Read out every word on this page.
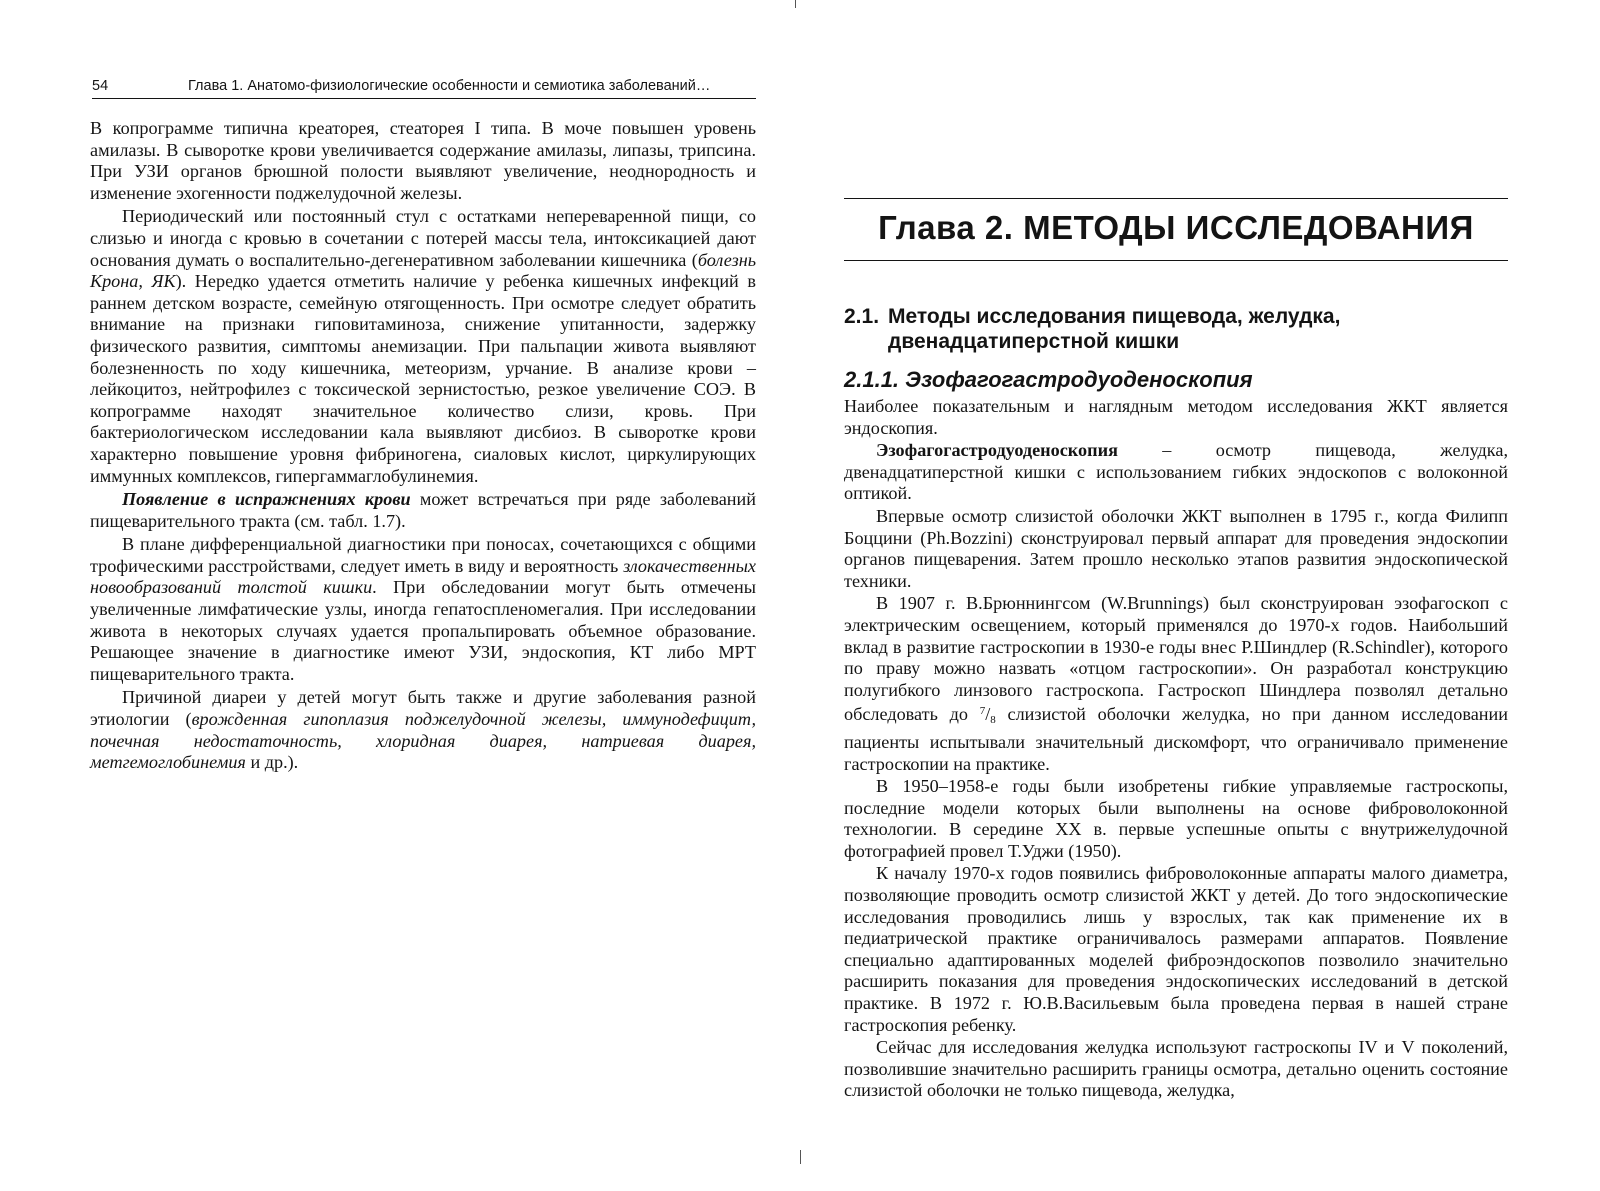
54	Глава 1. Анатомо-физиологические особенности и семиотика заболеваний…

В копрограмме типична креаторея, стеаторея I типа. В моче повышен уровень амилазы. В сыворотке крови увеличивается содержание амилазы, липазы, трипсина. При УЗИ органов брюшной полости выявляют увеличение, неоднородность и изменение эхогенности поджелудочной железы.

Периодический или постоянный стул с остатками непереваренной пищи, со слизью и иногда с кровью в сочетании с потерей массы тела, интоксикацией дают основания думать о воспалительно-дегенеративном заболевании кишечника (болезнь Крона, ЯК). Нередко удается отметить наличие у ребенка кишечных инфекций в раннем детском возрасте, семейную отягощенность. При осмотре следует обратить внимание на признаки гиповитаминоза, снижение упитанности, задержку физического развития, симптомы анемизации. При пальпации живота выявляют болезненность по ходу кишечника, метеоризм, урчание. В анализе крови – лейкоцитоз, нейтрофилез с токсической зернистостью, резкое увеличение СОЭ. В копрограмме находят значительное количество слизи, кровь. При бактериологическом исследовании кала выявляют дисбиоз. В сыворотке крови характерно повышение уровня фибриногена, сиаловых кислот, циркулирующих иммунных комплексов, гипергаммаглобулинемия.

Появление в испражнениях крови может встречаться при ряде заболеваний пищеварительного тракта (см. табл. 1.7).

В плане дифференциальной диагностики при поносах, сочетающихся с общими трофическими расстройствами, следует иметь в виду и вероятность злокачественных новообразований толстой кишки. При обследовании могут быть отмечены увеличенные лимфатические узлы, иногда гепатоспленомегалия. При исследовании живота в некоторых случаях удается пропальпировать объемное образование. Решающее значение в диагностике имеют УЗИ, эндоскопия, КТ либо МРТ пищеварительного тракта.

Причиной диареи у детей могут быть также и другие заболевания разной этиологии (врожденная гипоплазия поджелудочной железы, иммунодефицит, почечная недостаточность, хлоридная диарея, натриевая диарея, метгемоглобинемия и др.).

Глава 2. МЕТОДЫ ИССЛЕДОВАНИЯ
2.1. Методы исследования пищевода, желудка,
двенадцатиперстной кишки
2.1.1. Эзофагогастродуоденоскопия

Наиболее показательным и наглядным методом исследования ЖКТ является эндоскопия.

Эзофагогастродуоденоскопия – осмотр пищевода, желудка, двенадцатиперстной кишки с использованием гибких эндоскопов с волоконной оптикой.

Впервые осмотр слизистой оболочки ЖКТ выполнен в 1795 г., когда Филипп Боццини (Ph.Bozzini) сконструировал первый аппарат для проведения эндоскопии органов пищеварения. Затем прошло несколько этапов развития эндоскопической техники.

В 1907 г. В.Брюннингсом (W.Brunnings) был сконструирован эзофагоскоп с электрическим освещением, который применялся до 1970-х годов. Наибольший вклад в развитие гастроскопии в 1930-е годы внес Р.Шиндлер (R.Schindler), которого по праву можно назвать «отцом гастроскопии». Он разработал конструкцию полугибкого линзового гастроскопа. Гастроскоп Шиндлера позволял детально обследовать до $^7/_8$ слизистой оболочки желудка, но при данном исследовании пациенты испытывали значительный дискомфорт, что ограничивало применение гастроскопии на практике.

В 1950–1958-е годы были изобретены гибкие управляемые гастроскопы, последние модели которых были выполнены на основе фиброволоконной технологии. В середине XX в. первые успешные опыты с внутрижелудочной фотографией провел Т.Уджи (1950).

К началу 1970-х годов появились фиброволоконные аппараты малого диаметра, позволяющие проводить осмотр слизистой ЖКТ у детей. До того эндоскопические исследования проводились лишь у взрослых, так как применение их в педиатрической практике ограничивалось размерами аппаратов. Появление специально адаптированных моделей фиброэндоскопов позволило значительно расширить показания для проведения эндоскопических исследований в детской практике. В 1972 г. Ю.В.Васильевым была проведена первая в нашей стране гастроскопия ребенку.

Сейчас для исследования желудка используют гастроскопы IV и V поколений, позволившие значительно расширить границы осмотра, детально оценить состояние слизистой оболочки не только пищевода, желудка,
